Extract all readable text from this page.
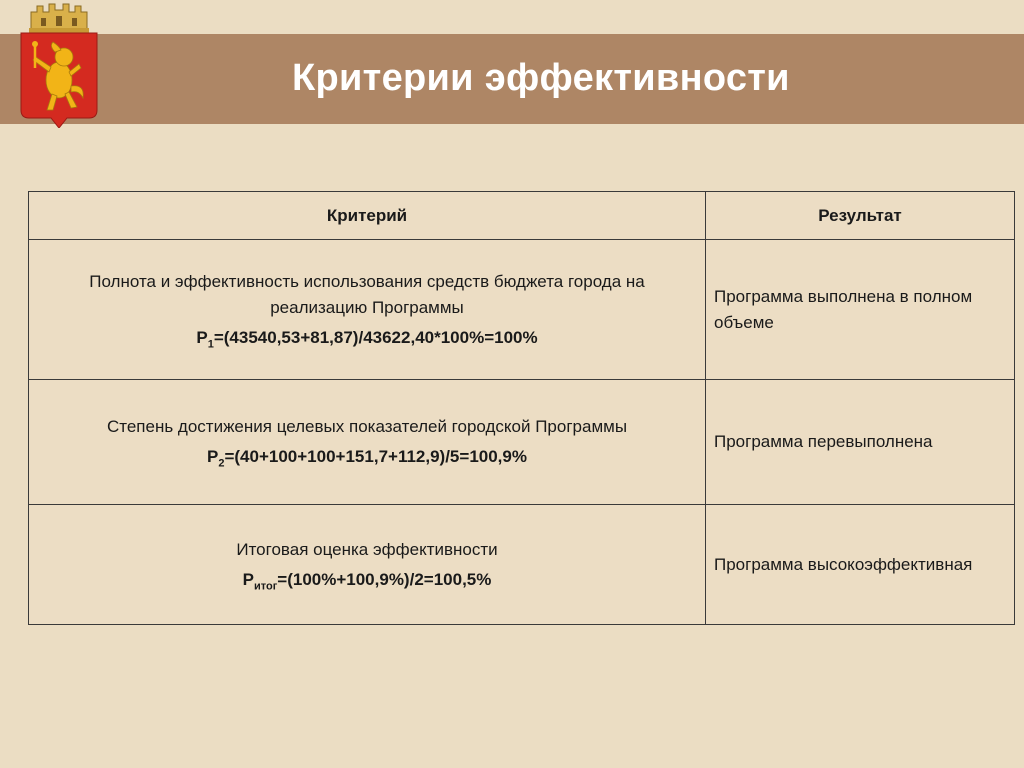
Критерии эффективности
Критерий	Результат

Полнота и эффективность использования средств бюджета города на реализацию Программы
$P_1=(43540,53+81,87)/43622,40*100\%=100\%$	Программа выполнена в полном объеме

Степень достижения целевых показателей городской Программы
$P_2=(40+100+100+151,7+112,9)/5=100,9\%$	Программа перевыполнена

Итоговая оценка эффективности
$P_{итог}=(100\%+100,9\%)/2=100,5\%$	Программа высокоэффективная
